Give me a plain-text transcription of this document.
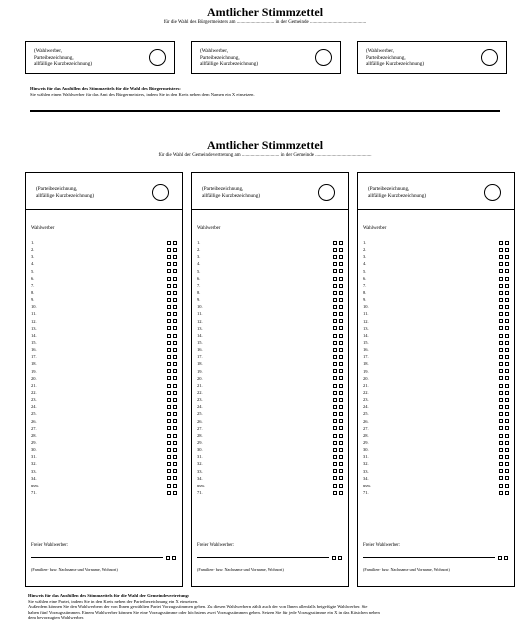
Amtlicher Stimmzettel
für die Wahl des Bürgermeisters am .............................. in der Gemeinde .............................................
(Wahlwerber,
Parteibezeichnung,
allfällige Kurzbezeichnung)
(Wahlwerber,
Parteibezeichnung,
allfällige Kurzbezeichnung)
(Wahlwerber,
Parteibezeichnung,
allfällige Kurzbezeichnung)
Hinweis für das Ausfüllen des Stimmzettels für die Wahl des Bürgermeisters:
Sie wählen einen Wahlwerber für das Amt des Bürgermeisters, indem Sie in den Kreis neben dem Namen ein X einsetzen.
Amtlicher Stimmzettel
für die Wahl der Gemeindevertretung am .............................. in der Gemeinde .............................................
(Parteibezeichnung,
allfällige Kurzbezeichnung)
Wahlwerber
1.
2.
3.
4.
5.
6.
7.
8.
9.
10.
11.
12.
13.
14.
15.
16.
17.
18.
19.
20.
21.
22.
23.
24.
25.
26.
27.
28.
29.
30.
31.
32.
33.
34.
usw.
71.
Freier Wahlwerber:
(Familien- bzw. Nachname und Vorname, Wohnort)
(Parteibezeichnung,
allfällige Kurzbezeichnung)
Wahlwerber
1.
2.
3.
4.
5.
6.
7.
8.
9.
10.
11.
12.
13.
14.
15.
16.
17.
18.
19.
20.
21.
22.
23.
24.
25.
26.
27.
28.
29.
30.
31.
32.
33.
34.
usw.
71.
Freier Wahlwerber:
(Familien- bzw. Nachname und Vorname, Wohnort)
(Parteibezeichnung,
allfällige Kurzbezeichnung)
Wahlwerber
1.
2.
3.
4.
5.
6.
7.
8.
9.
10.
11.
12.
13.
14.
15.
16.
17.
18.
19.
20.
21.
22.
23.
24.
25.
26.
27.
28.
29.
30.
31.
32.
33.
34.
usw.
71.
Freier Wahlwerber:
(Familien- bzw. Nachname und Vorname, Wohnort)
Hinweis für das Ausfüllen des Stimmzettels für die Wahl der Gemeindevertretung:
Sie wählen eine Partei, indem Sie in den Kreis neben der Parteibezeichnung ein X einsetzen.
Außerdem können Sie den Wahlwerbern der von Ihnen gewählten Partei Vorzugsstimmen geben. Zu diesen Wahlwerbern zählt auch der von Ihnen allenfalls beigefügte Wahlwerber. Sie
haben fünf Vorzugsstimmen. Einem Wahlwerber können Sie eine Vorzugsstimme oder höchstens zwei Vorzugsstimmen geben. Setzen Sie für jede Vorzugsstimme ein X in das Kästchen neben
dem bevorzugten Wahlwerber.
